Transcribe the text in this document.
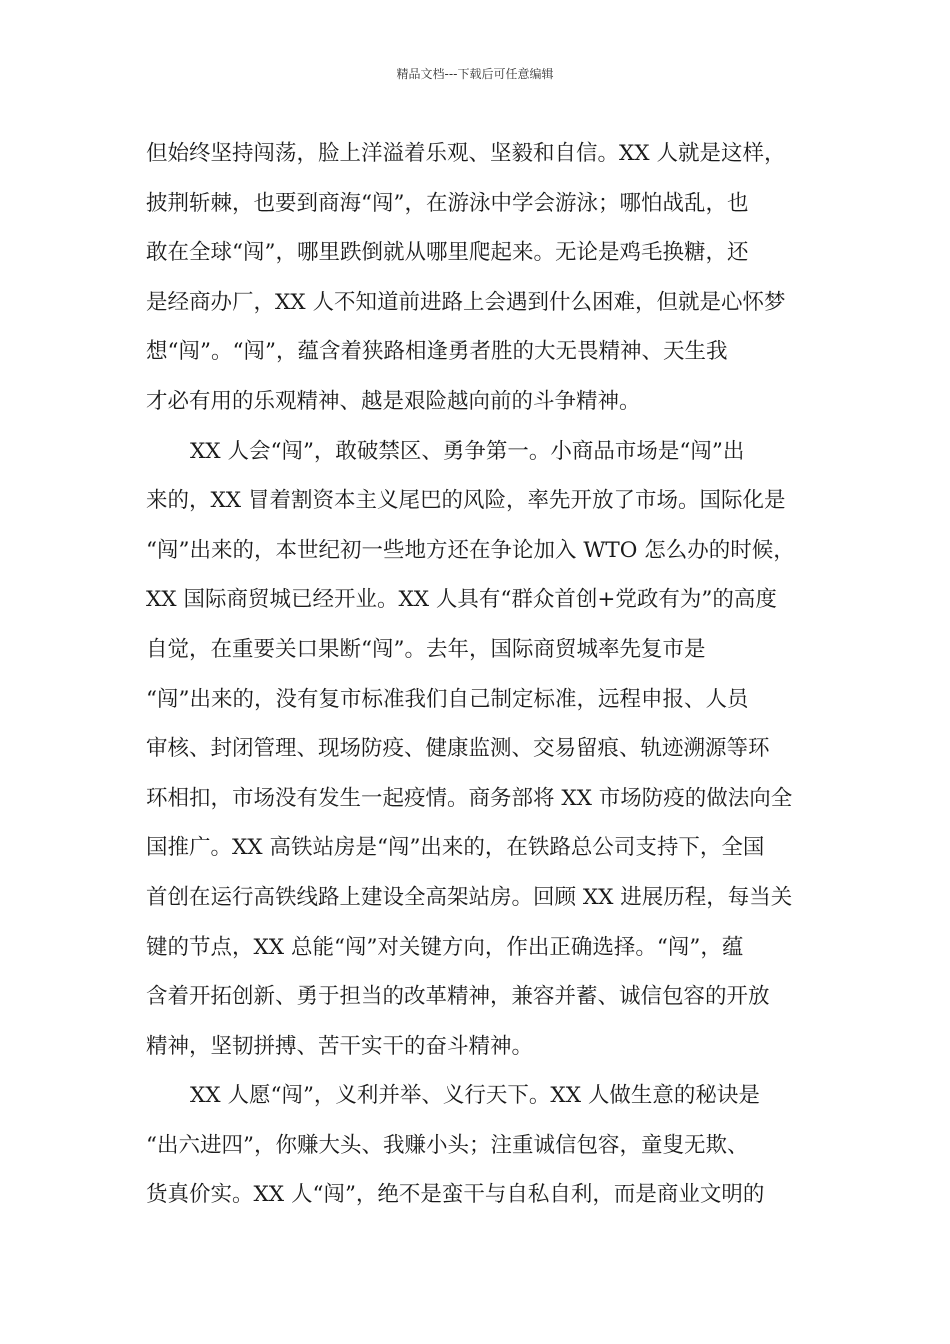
精品文档---下载后可任意编辑
但始终坚持闯荡，脸上洋溢着乐观、坚毅和自信。XX 人就是这样，
披荆斩棘，也要到商海“闯”，在游泳中学会游泳；哪怕战乱，也
敢在全球“闯”，哪里跌倒就从哪里爬起来。无论是鸡毛换糖，还
是经商办厂，XX 人不知道前进路上会遇到什么困难，但就是心怀梦
想“闯”。“闯”，蕴含着狭路相逢勇者胜的大无畏精神、天生我
才必有用的乐观精神、越是艰险越向前的斗争精神。
XX 人会“闯”，敢破禁区、勇争第一。小商品市场是“闯”出
来的，XX 冒着割资本主义尾巴的风险，率先开放了市场。国际化是
“闯”出来的，本世纪初一些地方还在争论加入 WTO 怎么办的时候，
XX 国际商贸城已经开业。XX 人具有“群众首创+党政有为”的高度
自觉，在重要关口果断“闯”。去年，国际商贸城率先复市是
“闯”出来的，没有复市标准我们自己制定标准，远程申报、人员
审核、封闭管理、现场防疫、健康监测、交易留痕、轨迹溯源等环
环相扣，市场没有发生一起疫情。商务部将 XX 市场防疫的做法向全
国推广。XX 高铁站房是“闯”出来的，在铁路总公司支持下，全国
首创在运行高铁线路上建设全高架站房。回顾 XX 进展历程，每当关
键的节点，XX 总能“闯”对关键方向，作出正确选择。“闯”，蕴
含着开拓创新、勇于担当的改革精神，兼容并蓄、诚信包容的开放
精神，坚韧拼搏、苦干实干的奋斗精神。
XX 人愿“闯”，义利并举、义行天下。XX 人做生意的秘诀是
“出六进四”，你赚大头、我赚小头；注重诚信包容，童叟无欺、
货真价实。XX 人“闯”，绝不是蛮干与自私自利，而是商业文明的
